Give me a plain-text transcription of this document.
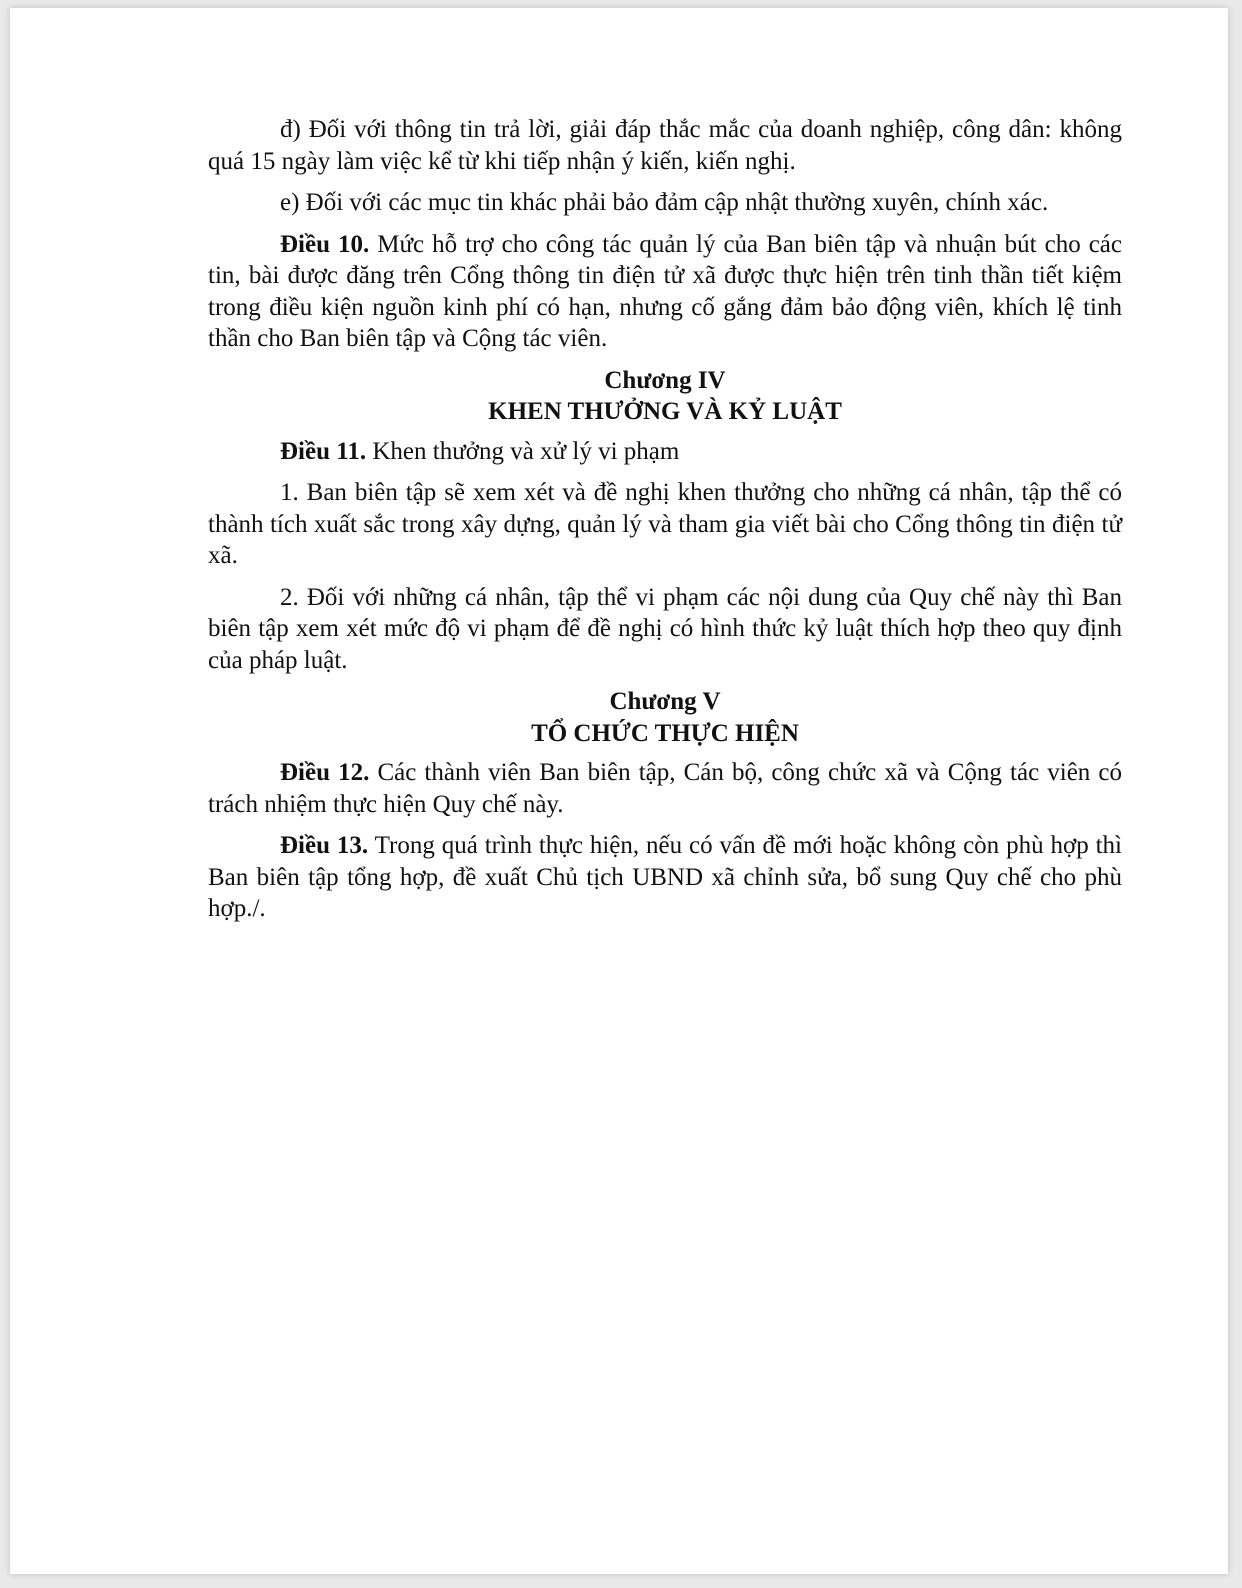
đ) Đối với thông tin trả lời, giải đáp thắc mắc của doanh nghiệp, công dân: không quá 15 ngày làm việc kể từ khi tiếp nhận ý kiến, kiến nghị.

e) Đối với các mục tin khác phải bảo đảm cập nhật thường xuyên, chính xác.

Điều 10. Mức hỗ trợ cho công tác quản lý của Ban biên tập và nhuận bút cho các tin, bài được đăng trên Cổng thông tin điện tử xã được thực hiện trên tinh thần tiết kiệm trong điều kiện nguồn kinh phí có hạn, nhưng cố gắng đảm bảo động viên, khích lệ tinh thần cho Ban biên tập và Cộng tác viên.

Chương IV
KHEN THƯỞNG VÀ KỶ LUẬT

Điều 11. Khen thưởng và xử lý vi phạm

1. Ban biên tập sẽ xem xét và đề nghị khen thưởng cho những cá nhân, tập thể có thành tích xuất sắc trong xây dựng, quản lý và tham gia viết bài cho Cổng thông tin điện tử xã.

2. Đối với những cá nhân, tập thể vi phạm các nội dung của Quy chế này thì Ban biên tập xem xét mức độ vi phạm để đề nghị có hình thức kỷ luật thích hợp theo quy định của pháp luật.

Chương V
TỔ CHỨC THỰC HIỆN

Điều 12. Các thành viên Ban biên tập, Cán bộ, công chức xã và Cộng tác viên có trách nhiệm thực hiện Quy chế này.

Điều 13. Trong quá trình thực hiện, nếu có vấn đề mới hoặc không còn phù hợp thì Ban biên tập tổng hợp, đề xuất Chủ tịch UBND xã chỉnh sửa, bổ sung Quy chế cho phù hợp./.
